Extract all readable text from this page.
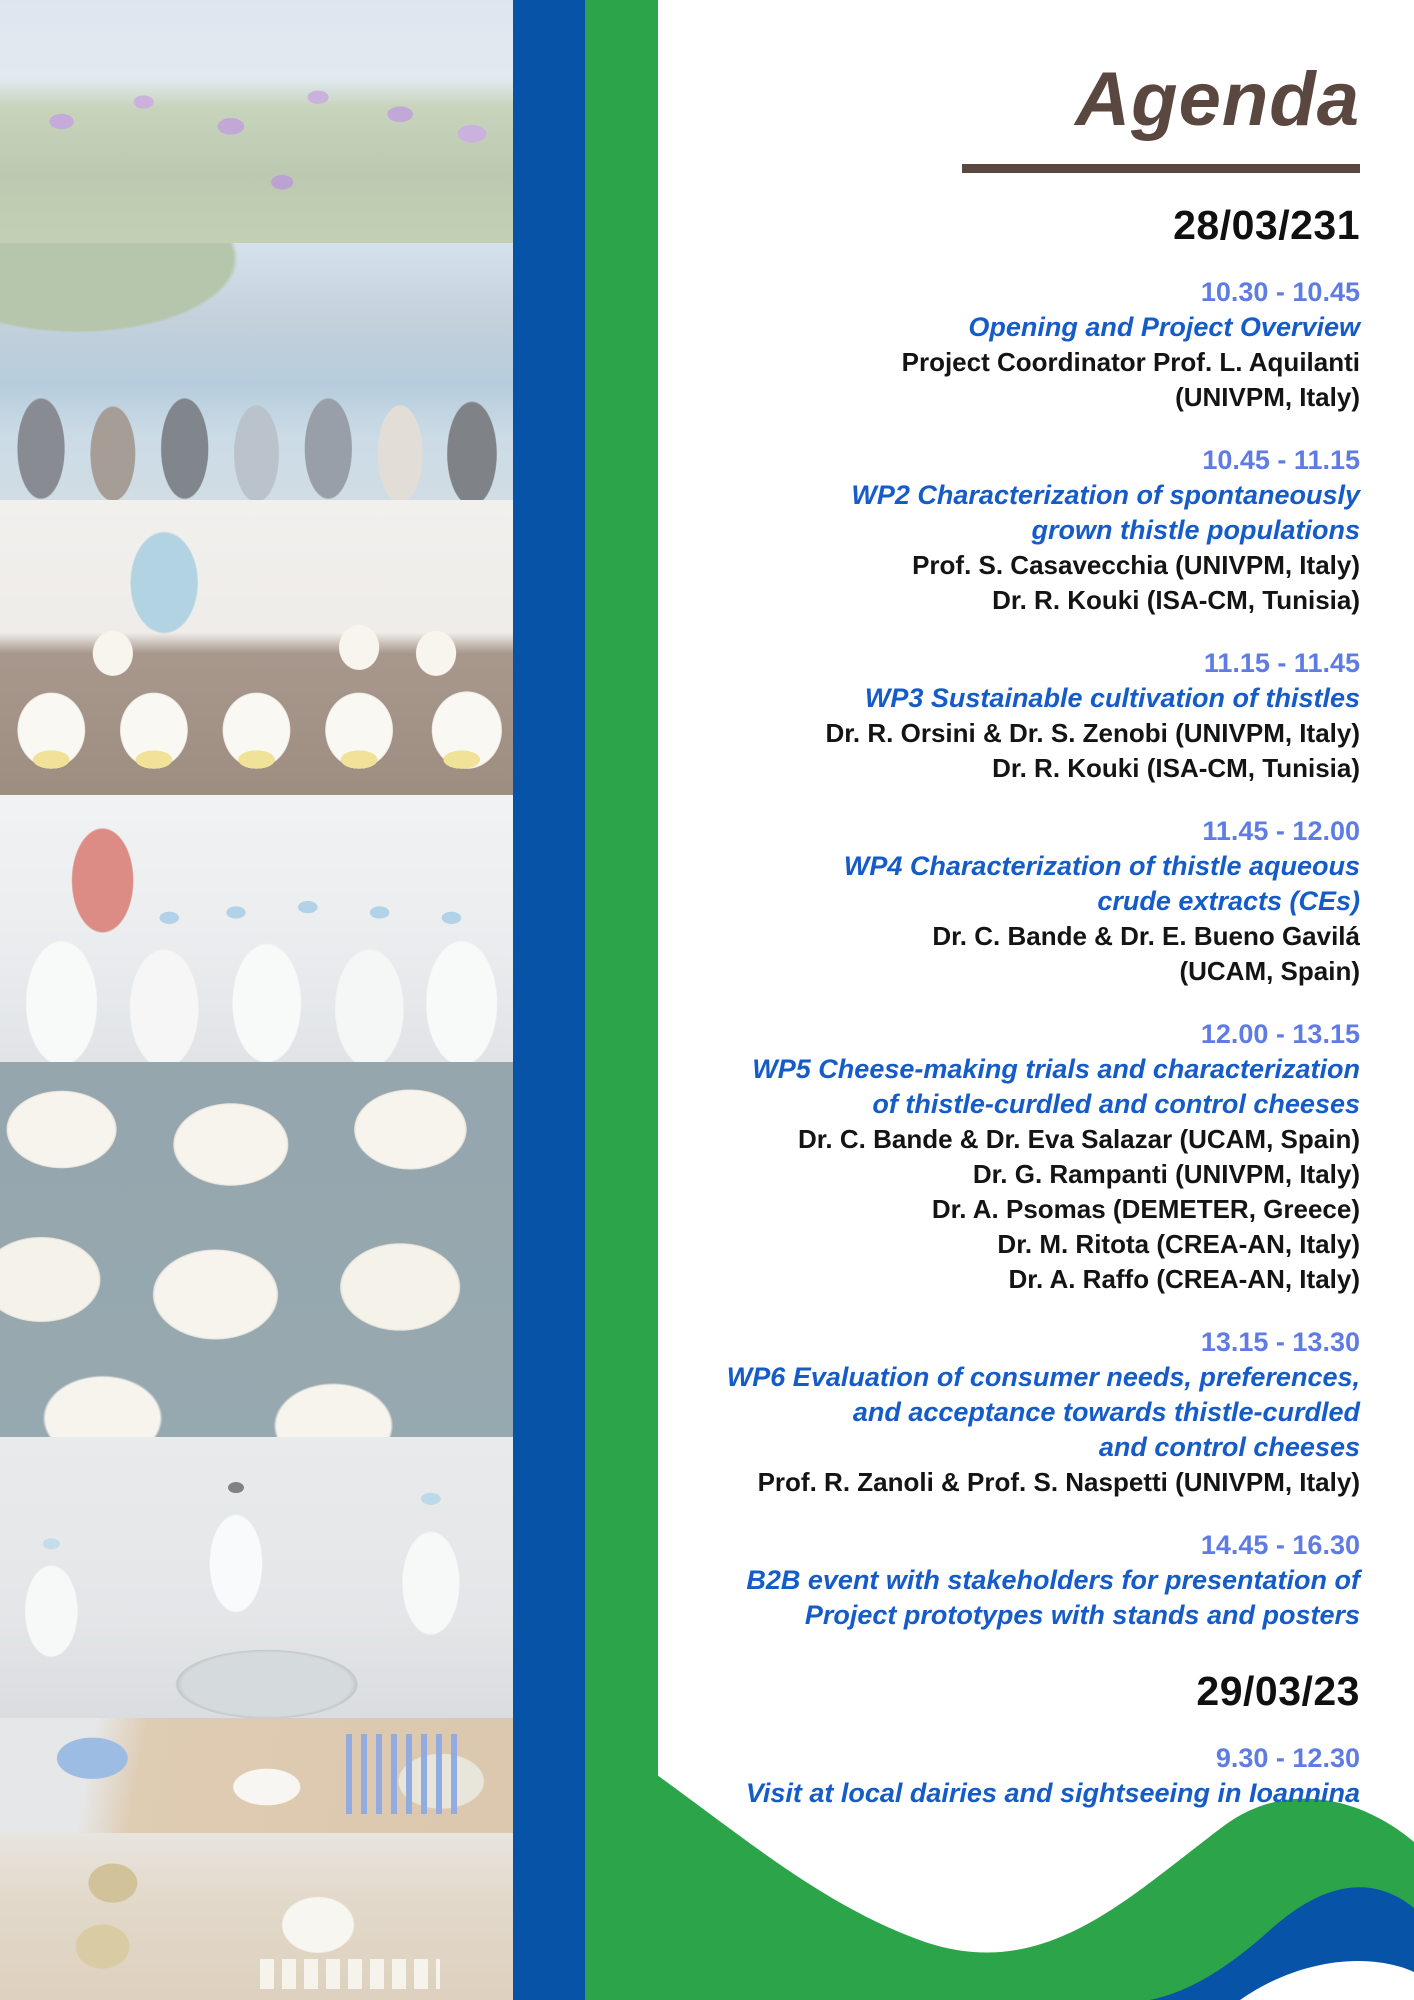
Agenda
28/03/231
10.30 - 10.45
Opening and Project Overview
Project Coordinator Prof. L. Aquilanti
(UNIVPM, Italy)
10.45 - 11.15
WP2 Characterization of spontaneously
grown thistle populations
Prof. S. Casavecchia (UNIVPM, Italy)
Dr. R. Kouki (ISA-CM, Tunisia)
11.15 - 11.45
WP3 Sustainable cultivation of thistles
Dr. R. Orsini & Dr. S. Zenobi (UNIVPM, Italy)
Dr. R. Kouki (ISA-CM, Tunisia)
11.45 - 12.00
WP4 Characterization of thistle aqueous
crude extracts (CEs)
Dr. C. Bande & Dr. E. Bueno Gavilá
(UCAM, Spain)
12.00 - 13.15
WP5 Cheese-making trials and characterization
of thistle-curdled and control cheeses
Dr. C. Bande & Dr. Eva Salazar (UCAM, Spain)
Dr. G. Rampanti (UNIVPM, Italy)
Dr. A. Psomas (DEMETER, Greece)
Dr. M. Ritota (CREA-AN, Italy)
Dr. A. Raffo (CREA-AN, Italy)
13.15 - 13.30
WP6 Evaluation of consumer needs, preferences,
and acceptance towards thistle-curdled
and control cheeses
Prof. R. Zanoli & Prof. S. Naspetti (UNIVPM, Italy)
14.45 - 16.30
B2B event with stakeholders for presentation of
Project prototypes with stands and posters
29/03/23
9.30 - 12.30
Visit at local dairies and sightseeing in Ioannina
